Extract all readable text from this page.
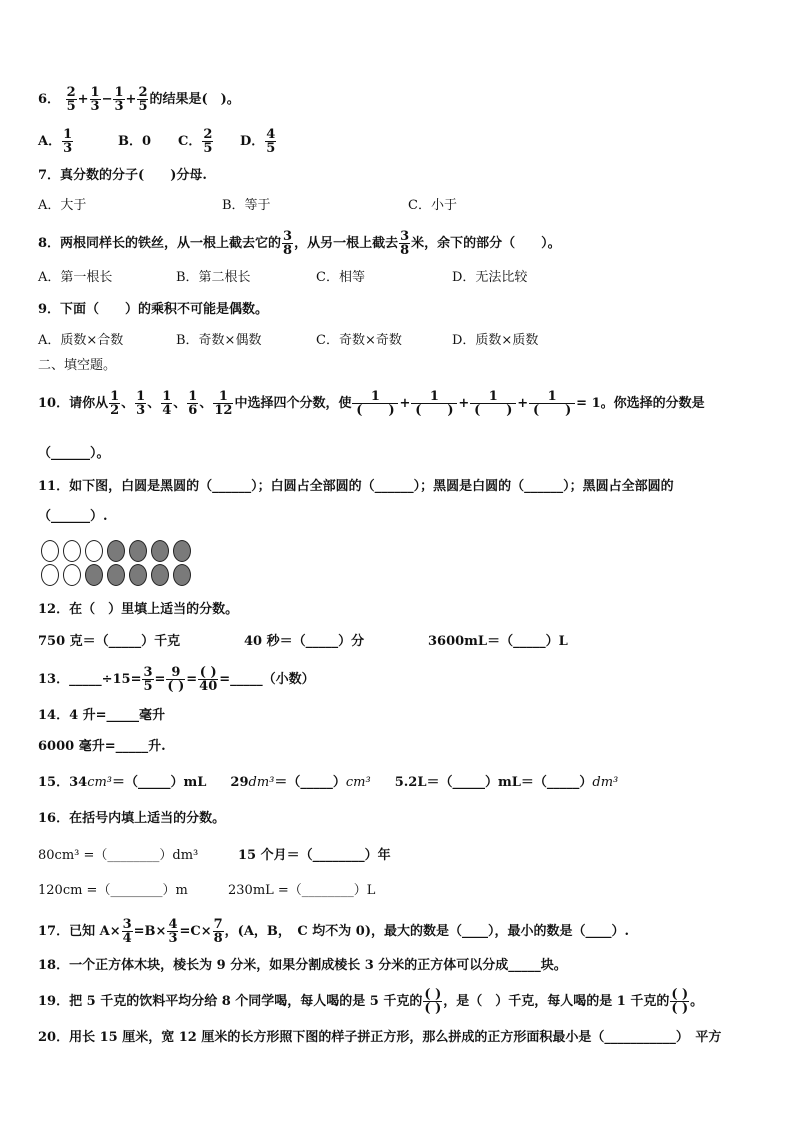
6． $\frac{2}{5} + \frac{1}{3} - \frac{1}{3} + \frac{2}{5}$ 的结果是(　)。
A． $\frac{1}{3}$	B．0 C． $\frac{2}{5}$ D． $\frac{4}{5}$
7．真分数的分子(　　)分母.
A．大于	B．等于	C．小于
8．两根同样长的铁丝，从一根上截去它的 $\frac{3}{8}$ ，从另一根上截去 $\frac{3}{8}$ 米，余下的部分（　　）。
A．第一根长	B．第二根长	C．相等	D．无法比较
9．下面（　　）的乘积不可能是偶数。
A．质数×合数	B．奇数×偶数	C．奇数×奇数	D．质数×质数
二、填空题。
10．请你从 $\frac{1}{2}$ 、 $\frac{1}{3}$ 、 $\frac{1}{4}$ 、 $\frac{1}{6}$ 、 $\frac{1}{12}$ 中选择四个分数，使 $\frac{1}{( )} + \frac{1}{( )} + \frac{1}{( )} + \frac{1}{( )} = 1$。你选择的分数是
（______）。
11．如下图，白圆是黑圆的（______）；白圆占全部圆的（______）；黑圆是白圆的（______）；黑圆占全部圆的
（______）.
12．在（　）里填上适当的分数。
750 克＝（_____）千克	40 秒＝（_____）分	3600mL＝（_____）L
13．_____÷15= $\frac{3}{5} = \frac{9}{( )} = \frac{( )}{40}$ =_____（小数）
14．4 升=_____毫升
6000 毫升=_____升.
15．34cm³＝（_____）mL 29dm³＝（_____）cm³ 5.2L＝（_____）mL＝（_____）dm³
16．在括号内填上适当的分数。
80cm³ =（________）dm³	15 个月＝（________）年
120cm =（________）m	230mL =（________）L
17．已知 $A\times \frac{3}{4} =B\times \frac{4}{3} =C\times \frac{7}{8}$ ，(A，B，　C 均不为 0)，最大的数是（____），最小的数是（____）.
18．一个正方体木块，棱长为 9 分米，如果分割成棱长 3 分米的正方体可以分成_____块。
19．把 5 千克的饮料平均分给 8 个同学喝，每人喝的是 5 千克的 $\frac{( )}{( )}$ ，是（　）千克，每人喝的是 1 千克的 $\frac{( )}{( )}$ 。
20．用长 15 厘米，宽 12 厘米的长方形照下图的样子拼正方形，那么拼成的正方形面积最小是（___________）　平方
